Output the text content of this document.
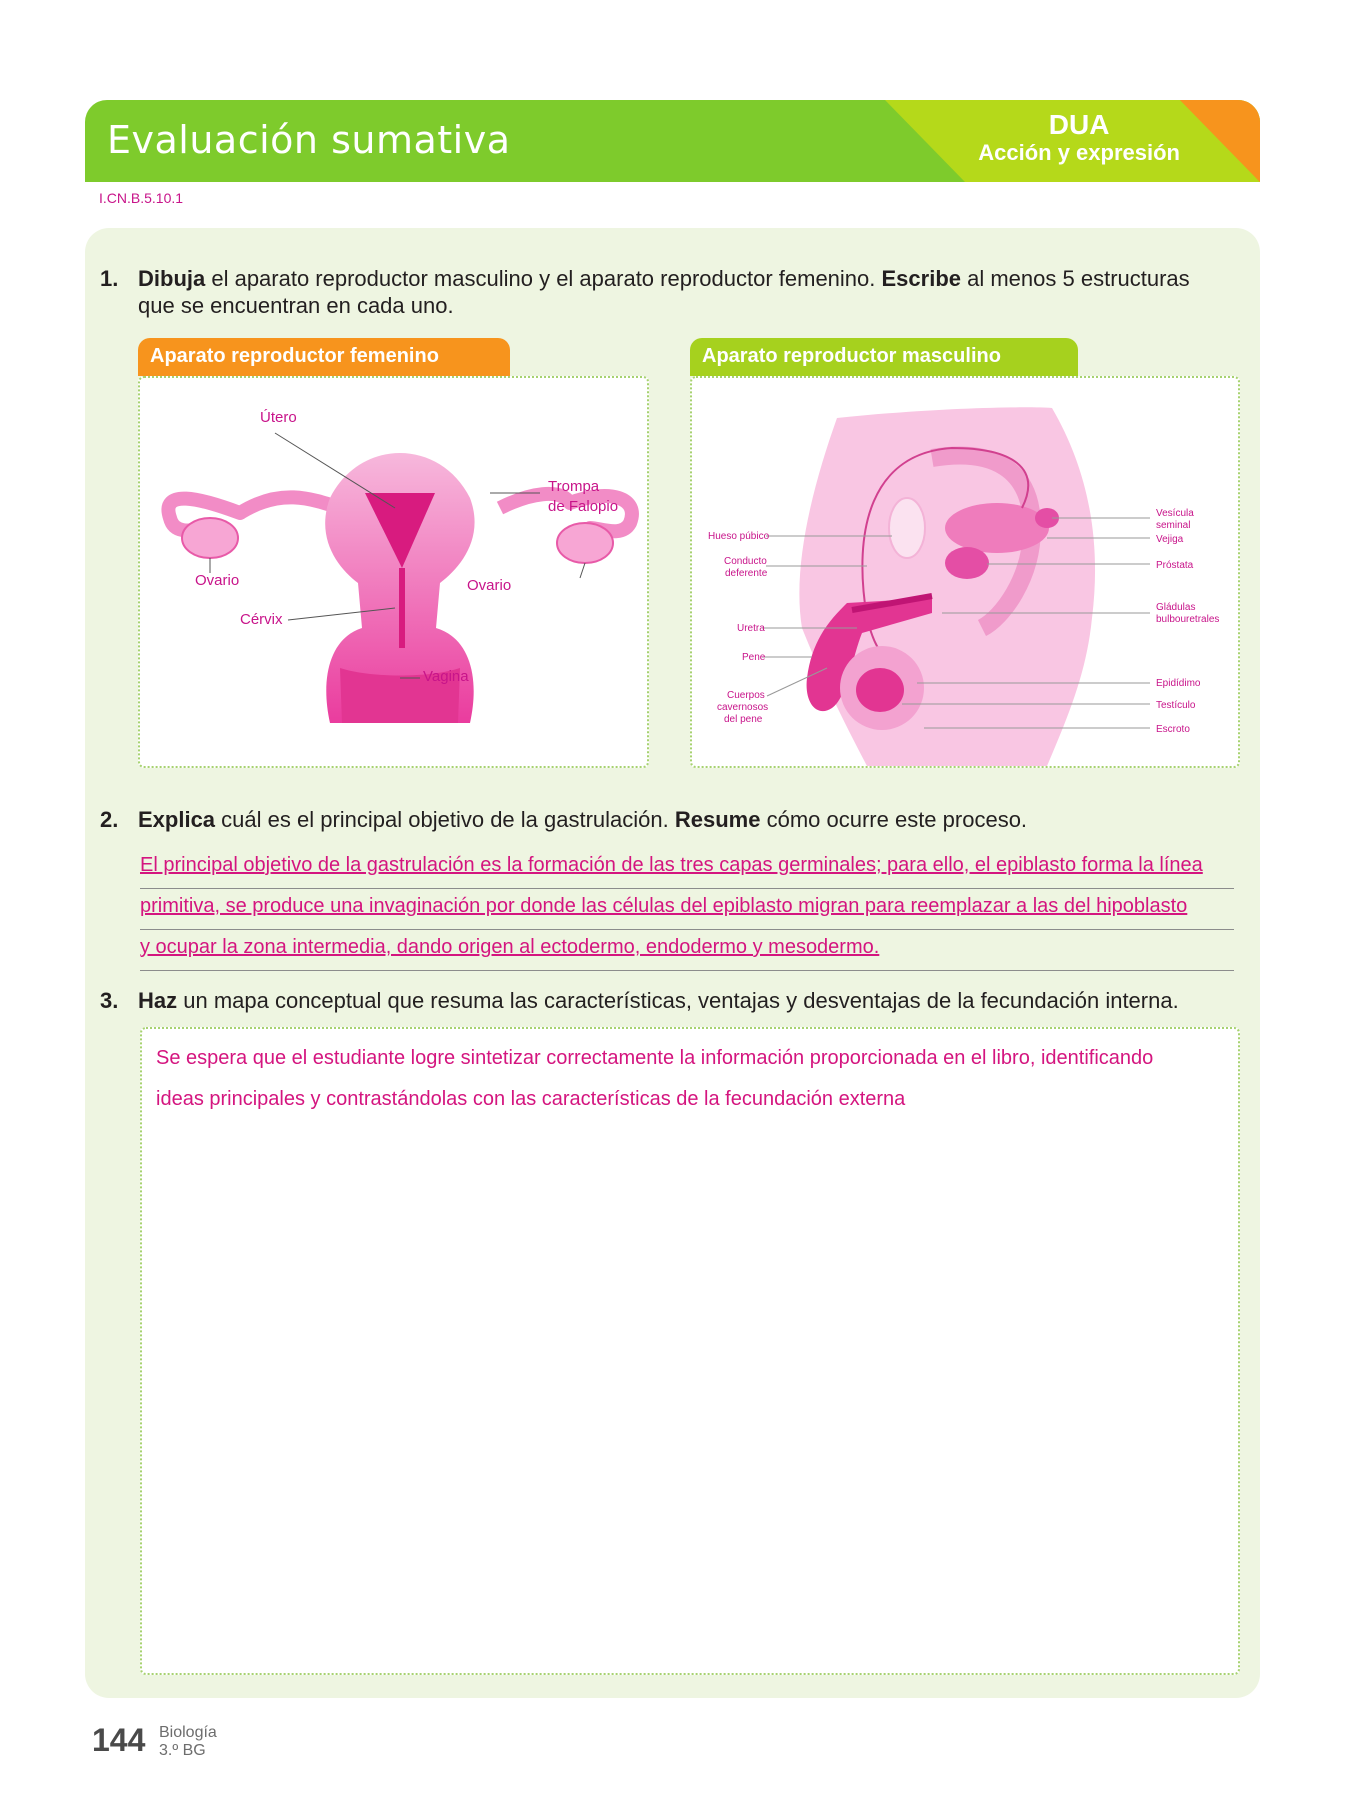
Evaluación sumativa	DUA
Acción y expresión
I.CN.B.5.10.1
1. Dibuja el aparato reproductor masculino y el aparato reproductor femenino. Escribe al menos 5 estructuras
que se encuentran en cada uno.
Aparato reproductor femenino
Útero
Trompa
de Falopio
Ovario	Ovario
Cérvix
Vagina
Aparato reproductor masculino
Hueso púbico
Conducto
deferente
Uretra
Pene
Cuerpos
cavernosos
del pene
Vesícula
seminal
Vejiga
Próstata
Gládulas
bulbouretrales
Epidídimo
Testículo
Escroto
2. Explica cuál es el principal objetivo de la gastrulación. Resume cómo ocurre este proceso.
El principal objetivo de la gastrulación es la formación de las tres capas germinales; para ello, el epiblasto forma la línea
primitiva, se produce una invaginación por donde las células del epiblasto migran para reemplazar a las del hipoblasto
y ocupar la zona intermedia, dando origen al ectodermo, endodermo y mesodermo.
3. Haz un mapa conceptual que resuma las características, ventajas y desventajas de la fecundación interna.
Se espera que el estudiante logre sintetizar correctamente la información proporcionada en el libro, identificando
ideas principales y contrastándolas con las características de la fecundación externa
144 Biología
3.º BG
